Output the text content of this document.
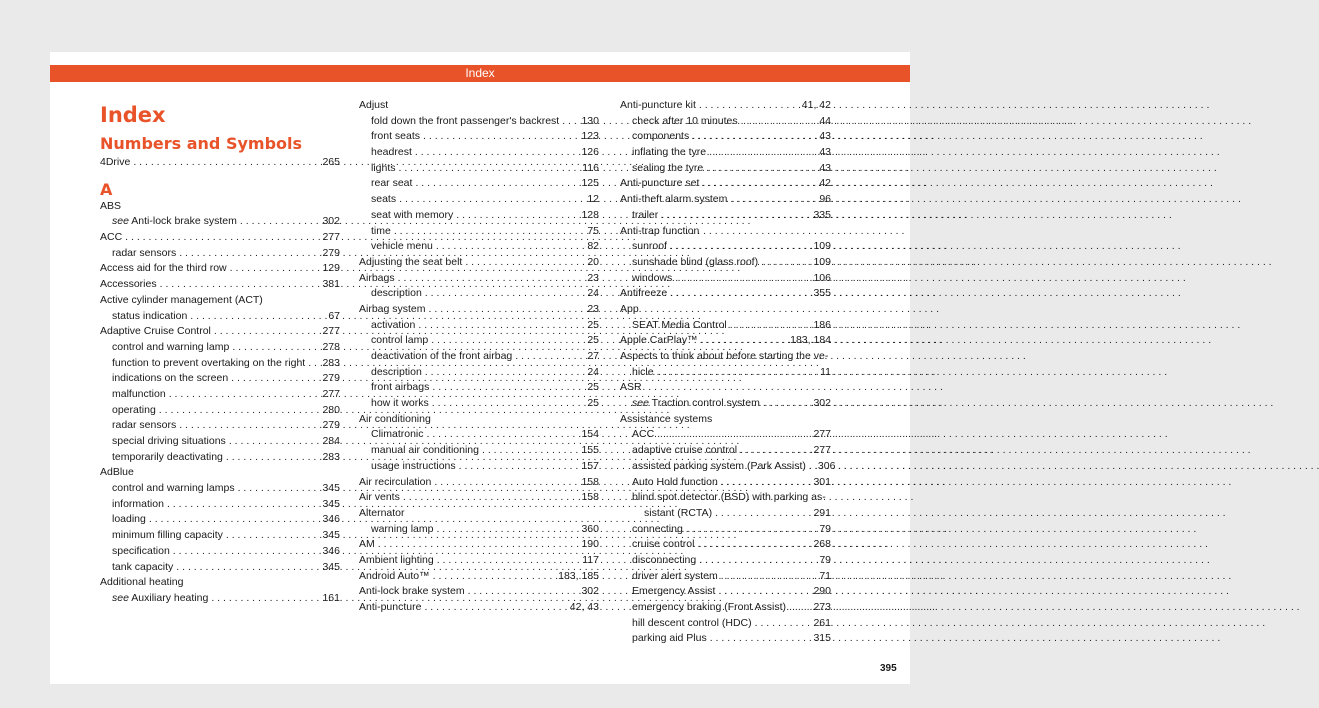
Index
Index
Numbers and Symbols
4Drive . . .	265
A
ABS
see Anti-lock brake system . . .	302
ACC . . .	277
radar sensors . . .	279
Access aid for the third row . . .	129
Accessories . . .	381
Active cylinder management (ACT)
status indication . . .	67
Adaptive Cruise Control . . .	277
control and warning lamp . . .	278
function to prevent overtaking on the right . . . 283
indications on the screen . . .	279
malfunction . . .	277
operating . . .	280
radar sensors . . .	279
special driving situations . . .	284
temporarily deactivating . . .	283
AdBlue
control and warning lamps . . .	345
information . . .	345
loading . . .	346
minimum filling capacity . . .	345
specification . . .	346
tank capacity . . .	345
Additional heating
see Auxiliary heating . . .	161
Adjust
fold down the front passenger's backrest . . . 130
front seats . . .	123
headrest . . .	126
lights . . .	116
rear seat . . .	125
seats . . .	12
seat with memory . . .	128
time . . .	75
vehicle menu . . .	82
Adjusting the seat belt . . .	20
Airbags . . .	23
description . . .	24
Airbag system . . .	23
activation . . .	25
control lamp . . .	25
deactivation of the front airbag . . .	27
description . . .	24
front airbags . . .	25
how it works . . .	25
Air conditioning
Climatronic . . .	154
manual air conditioning . . .	155
usage instructions . . .	157
Air recirculation . . .	158
Air vents . . .	158
Alternator
warning lamp . . .	360
AM . . .	190
Ambient lighting . . .	117
Android Auto™ . . .	183, 185
Anti-lock brake system . . .	302
Anti-puncture . . .	42, 43
Anti-puncture kit . . .	41, 42
check after 10 minutes . . .	44
components . . .	43
inflating the tyre . . .	43
sealing the tyre . . .	43
Anti-puncture set . . .	42
Anti-theft alarm system . . .	96
trailer . . .	335
Anti-trap function
sunroof . . .	109
sunshade blind (glass roof) . . .	109
windows . . .	106
Antifreeze . . .	355
App
SEAT Media Control . . .	186
Apple CarPlay™ . . .	183, 184
Aspects to think about before starting the ve-
hicle . . .	11
ASR
see Traction control system . . .	302
Assistance systems
ACC . . .	277
adaptive cruise control . . .	277
assisted parking system (Park Assist) . . . 306
Auto Hold function . . .	301
blind spot detector (BSD) with parking as-
sistant (RCTA) . . .	291
connecting . . .	79
cruise control . . .	268
disconnecting . . .	79
driver alert system . . .	71
Emergency Assist . . .	290
emergency braking (Front Assist) . . .	273
hill descent control (HDC) . . .	261
parking aid Plus . . .	315
395
